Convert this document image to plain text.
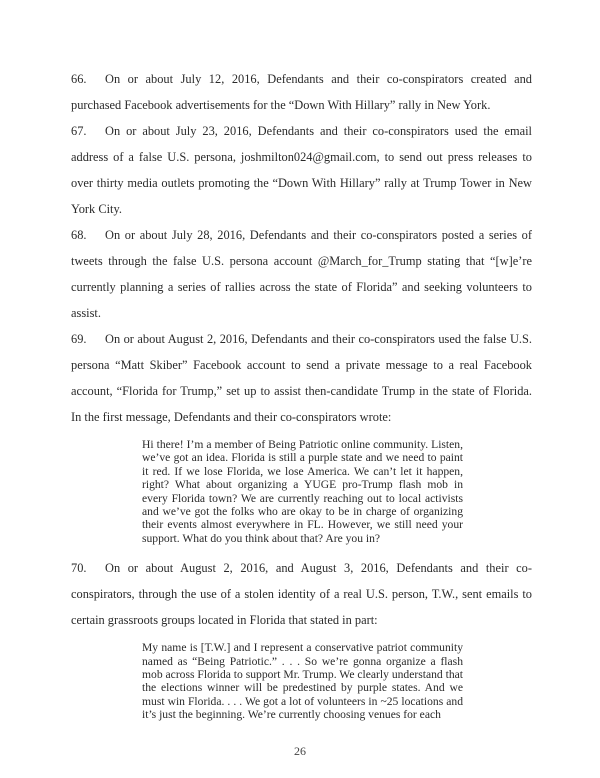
66. On or about July 12, 2016, Defendants and their co-conspirators created and purchased Facebook advertisements for the “Down With Hillary” rally in New York.

67. On or about July 23, 2016, Defendants and their co-conspirators used the email address of a false U.S. persona, joshmilton024@gmail.com, to send out press releases to over thirty media outlets promoting the “Down With Hillary” rally at Trump Tower in New York City.

68. On or about July 28, 2016, Defendants and their co-conspirators posted a series of tweets through the false U.S. persona account @March_for_Trump stating that “[w]e’re currently planning a series of rallies across the state of Florida” and seeking volunteers to assist.

69. On or about August 2, 2016, Defendants and their co-conspirators used the false U.S. persona “Matt Skiber” Facebook account to send a private message to a real Facebook account, “Florida for Trump,” set up to assist then-candidate Trump in the state of Florida. In the first message, Defendants and their co-conspirators wrote:

Hi there! I’m a member of Being Patriotic online community. Listen, we’ve got an idea. Florida is still a purple state and we need to paint it red. If we lose Florida, we lose America. We can’t let it happen, right? What about organizing a YUGE pro-Trump flash mob in every Florida town? We are currently reaching out to local activists and we’ve got the folks who are okay to be in charge of organizing their events almost everywhere in FL. However, we still need your support. What do you think about that? Are you in?

70. On or about August 2, 2016, and August 3, 2016, Defendants and their co-conspirators, through the use of a stolen identity of a real U.S. person, T.W., sent emails to certain grassroots groups located in Florida that stated in part:

My name is [T.W.] and I represent a conservative patriot community named as “Being Patriotic.” . . . So we’re gonna organize a flash mob across Florida to support Mr. Trump. We clearly understand that the elections winner will be predestined by purple states. And we must win Florida. . . . We got a lot of volunteers in ~25 locations and it’s just the beginning. We’re currently choosing venues for each

26
